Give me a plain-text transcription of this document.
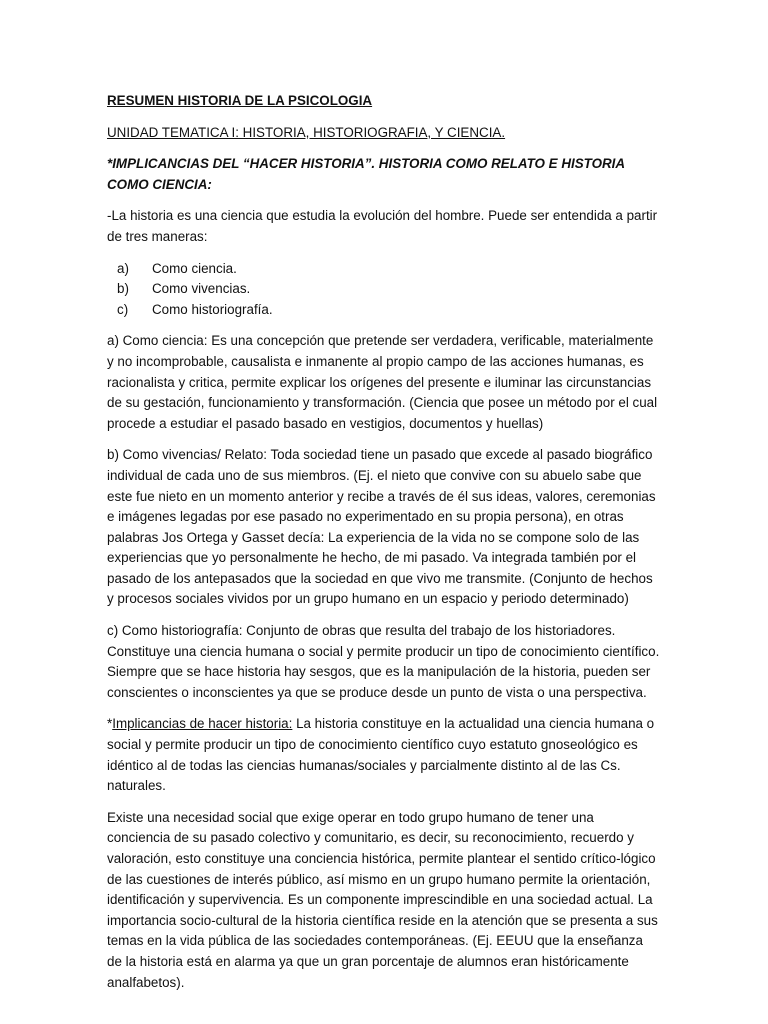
RESUMEN HISTORIA DE LA PSICOLOGIA
UNIDAD TEMATICA I: HISTORIA, HISTORIOGRAFIA, Y CIENCIA.
*IMPLICANCIAS DEL “HACER HISTORIA”. HISTORIA COMO RELATO E HISTORIA COMO CIENCIA:

-La historia es una ciencia que estudia la evolución del hombre. Puede ser entendida a partir de tres maneras:

a)	Como ciencia.
b)	Como vivencias.
c)	Como historiografía.

a) Como ciencia: Es una concepción que pretende ser verdadera, verificable, materialmente y no incomprobable, causalista e inmanente al propio campo de las acciones humanas, es racionalista y critica, permite explicar los orígenes del presente e iluminar las circunstancias de su gestación, funcionamiento y transformación. (Ciencia que posee un método por el cual procede a estudiar el pasado basado en vestigios, documentos y huellas)

b) Como vivencias/ Relato: Toda sociedad tiene un pasado que excede al pasado biográfico individual de cada uno de sus miembros. (Ej. el nieto que convive con su abuelo sabe que este fue nieto en un momento anterior y recibe a través de él sus ideas, valores, ceremonias e imágenes legadas por ese pasado no experimentado en su propia persona), en otras palabras Jos Ortega y Gasset decía: La experiencia de la vida no se compone solo de las experiencias que yo personalmente he hecho, de mi pasado. Va integrada también por el pasado de los antepasados que la sociedad en que vivo me transmite. (Conjunto de hechos y procesos sociales vividos por un grupo humano en un espacio y periodo determinado)

c) Como historiografía: Conjunto de obras que resulta del trabajo de los historiadores. Constituye una ciencia humana o social y permite producir un tipo de conocimiento científico. Siempre que se hace historia hay sesgos, que es la manipulación de la historia, pueden ser conscientes o inconscientes ya que se produce desde un punto de vista o una perspectiva.

*Implicancias de hacer historia: La historia constituye en la actualidad una ciencia humana o social y permite producir un tipo de conocimiento científico cuyo estatuto gnoseológico es idéntico al de todas las ciencias humanas/sociales y parcialmente distinto al de las Cs. naturales.

Existe una necesidad social que exige operar en todo grupo humano de tener una conciencia de su pasado colectivo y comunitario, es decir, su reconocimiento, recuerdo y valoración, esto constituye una conciencia histórica, permite plantear el sentido crítico-lógico de las cuestiones de interés público, así mismo en un grupo humano permite la orientación, identificación y supervivencia. Es un componente imprescindible en una sociedad actual. La importancia socio-cultural de la historia científica reside en la atención que se presenta a sus temas en la vida pública de las sociedades contemporáneas. (Ej. EEUU que la enseñanza de la historia está en alarma ya que un gran porcentaje de alumnos eran históricamente analfabetos).
